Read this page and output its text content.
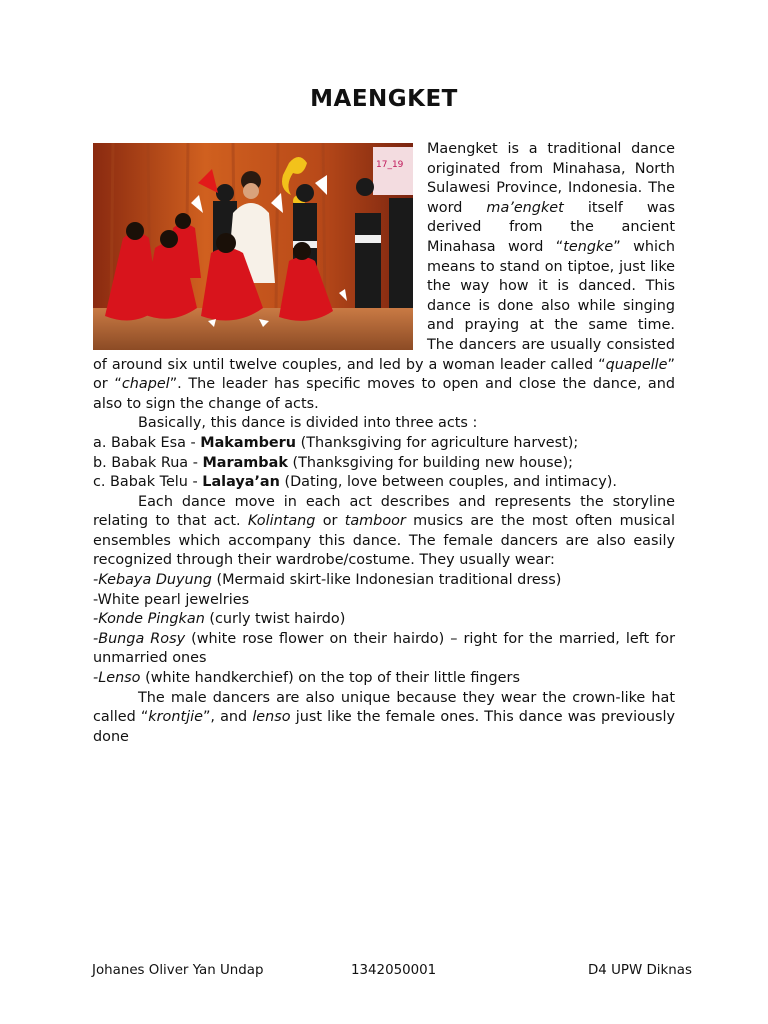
MAENGKET
17_19

Maengket is a traditional dance originated from Minahasa, North Sulawesi Province, Indonesia. The word ma’engket itself was derived from the ancient Minahasa word “tengke” which means to stand on tiptoe, just like the way how it is danced. This dance is done also while singing and praying at the same time. The dancers are usually consisted of around six until twelve couples, and led by a woman leader called “quapelle” or “chapel”. The leader has specific moves to open and close the dance, and also to sign the change of acts.

Basically, this dance is divided into three acts :

a. Babak Esa - Makamberu (Thanksgiving for agriculture harvest);

b. Babak Rua - Marambak (Thanksgiving for building new house);

c. Babak Telu - Lalaya’an (Dating, love between couples, and intimacy).

Each dance move in each act describes and represents the storyline relating to that act. Kolintang or tamboor musics are the most often musical ensembles which accompany this dance. The female dancers are also easily recognized through their wardrobe/costume. They usually wear:

-Kebaya Duyung (Mermaid skirt-like Indonesian traditional dress)

-White pearl jewelries

-Konde Pingkan (curly twist hairdo)

-Bunga Rosy (white rose flower on their hairdo) – right for the married, left for unmarried ones

-Lenso (white handkerchief) on the top of their little fingers

The male dancers are also unique because they wear the crown-like hat called “krontjie”, and lenso just like the female ones. This dance was previously done

Johanes Oliver Yan Undap	1342050001	D4 UPW Diknas
